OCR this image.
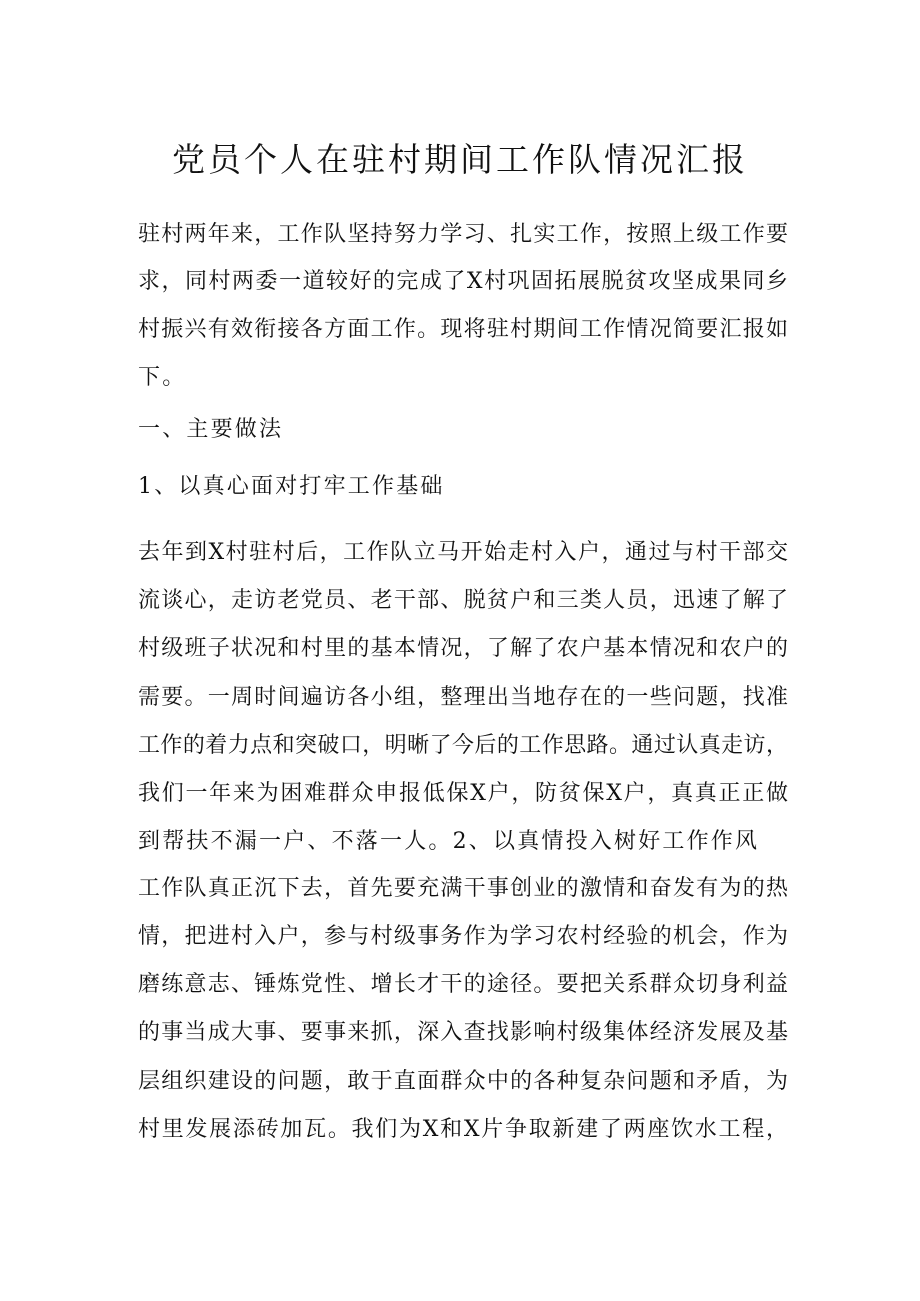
党员个人在驻村期间工作队情况汇报
驻村两年来，工作队坚持努力学习、扎实工作，按照上级工作要
求，同村两委一道较好的完成了X村巩固拓展脱贫攻坚成果同乡
村振兴有效衔接各方面工作。现将驻村期间工作情况简要汇报如
下。
一、主要做法
1、以真心面对打牢工作基础
去年到X村驻村后，工作队立马开始走村入户，通过与村干部交
流谈心，走访老党员、老干部、脱贫户和三类人员，迅速了解了
村级班子状况和村里的基本情况，了解了农户基本情况和农户的
需要。一周时间遍访各小组，整理出当地存在的一些问题，找准
工作的着力点和突破口，明晰了今后的工作思路。通过认真走访，
我们一年来为困难群众申报低保X户，防贫保X户，真真正正做
到帮扶不漏一户、不落一人。2、以真情投入树好工作作风
工作队真正沉下去，首先要充满干事创业的激情和奋发有为的热
情，把进村入户，参与村级事务作为学习农村经验的机会，作为
磨练意志、锤炼党性、增长才干的途径。要把关系群众切身利益
的事当成大事、要事来抓，深入查找影响村级集体经济发展及基
层组织建设的问题，敢于直面群众中的各种复杂问题和矛盾，为
村里发展添砖加瓦。我们为X和X片争取新建了两座饮水工程，
